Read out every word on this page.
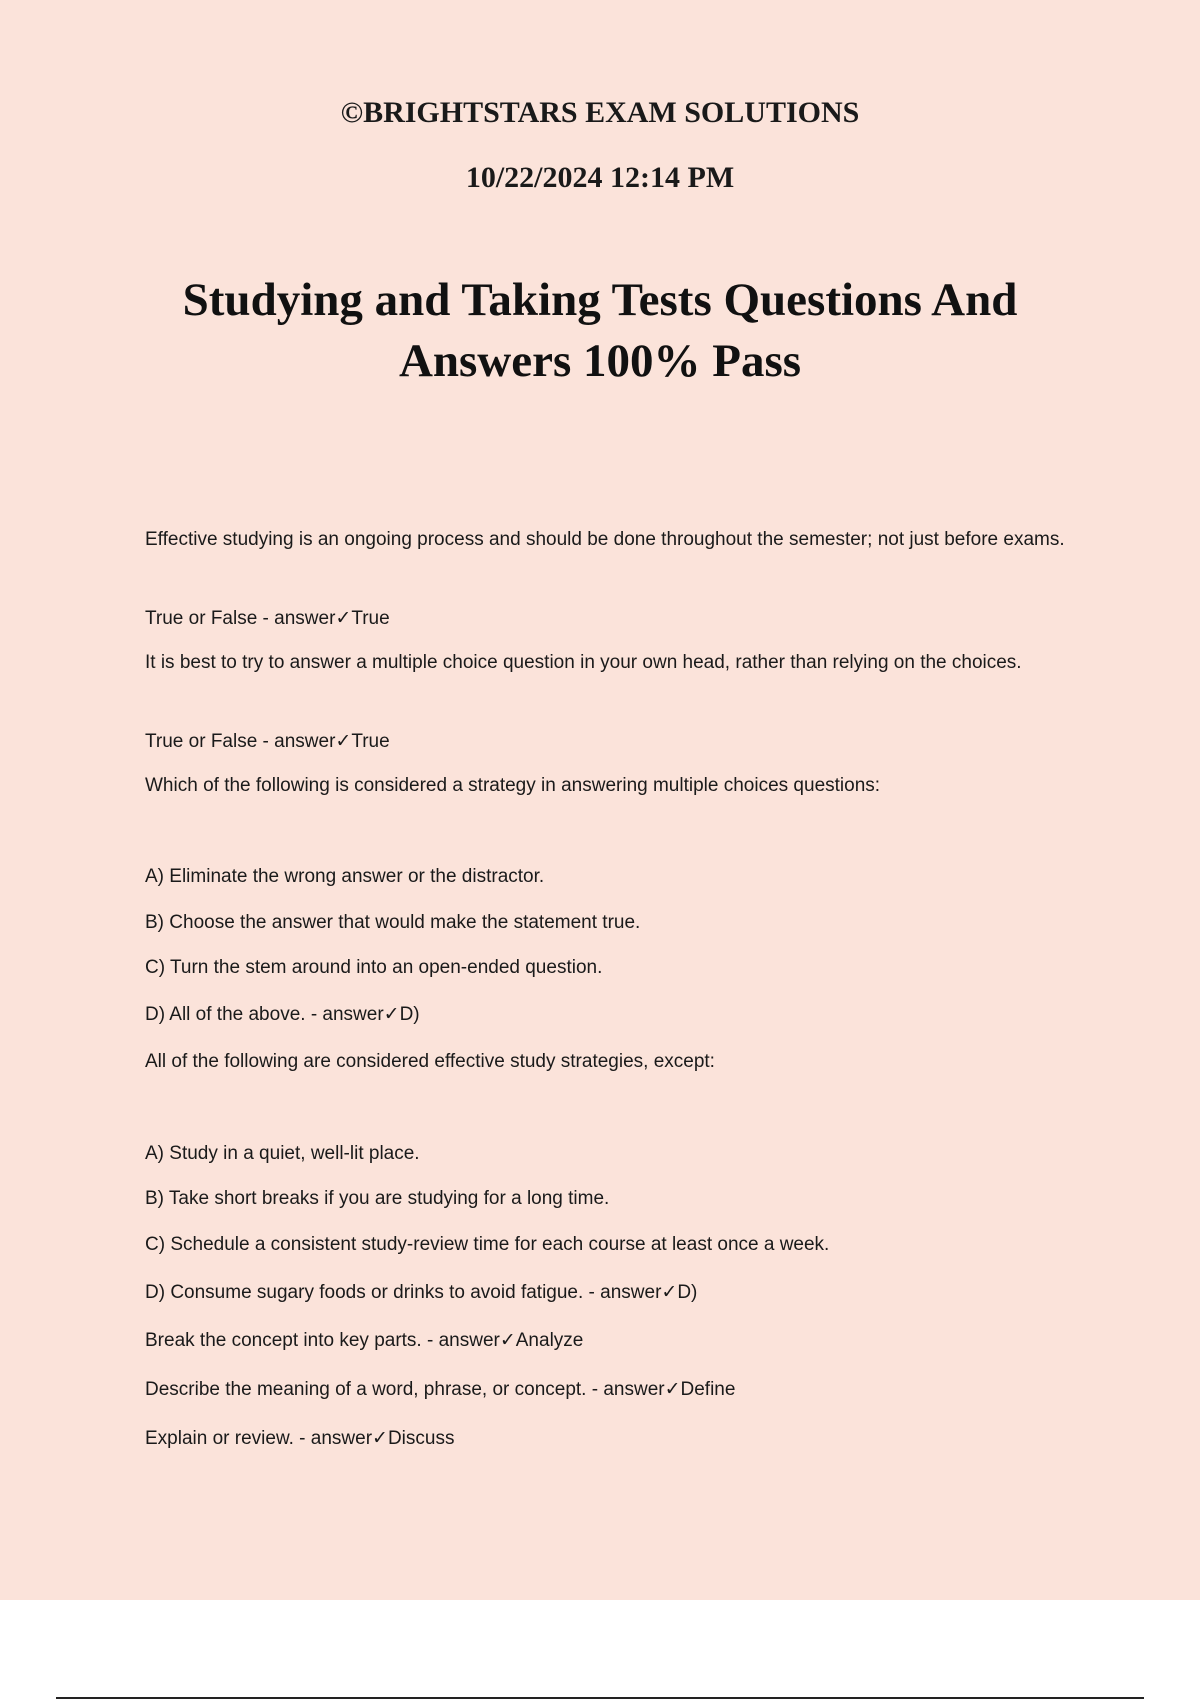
©BRIGHTSTARS EXAM SOLUTIONS

10/22/2024 12:14 PM

Studying and Taking Tests Questions And Answers 100% Pass

Effective studying is an ongoing process and should be done throughout the semester; not just before exams.

True or False - answer✓True

It is best to try to answer a multiple choice question in your own head, rather than relying on the choices.

True or False - answer✓True

Which of the following is considered a strategy in answering multiple choices questions:

A) Eliminate the wrong answer or the distractor.

B) Choose the answer that would make the statement true.

C) Turn the stem around into an open-ended question.

D) All of the above. - answer✓D)

All of the following are considered effective study strategies, except:

A) Study in a quiet, well-lit place.

B) Take short breaks if you are studying for a long time.

C) Schedule a consistent study-review time for each course at least once a week.

D) Consume sugary foods or drinks to avoid fatigue. - answer✓D)

Break the concept into key parts. - answer✓Analyze

Describe the meaning of a word, phrase, or concept. - answer✓Define

Explain or review. - answer✓Discuss
